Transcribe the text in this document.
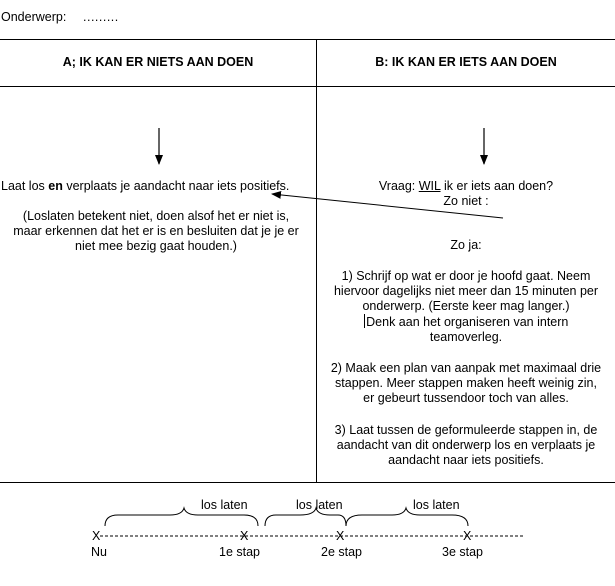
Onderwerp: .........
A; IK KAN ER NIETS AAN DOEN	B: IK KAN ER IETS AAN DOEN
Laat los en verplaats je aandacht naar iets positiefs.
(Loslaten betekent niet, doen alsof het er niet is,
maar erkennen dat het er is en besluiten dat je je er
niet mee bezig gaat houden.)
Vraag: WIL ik er iets aan doen?
Zo niet :
Zo ja:
1) Schrijf op wat er door je hoofd gaat. Neem
hiervoor dagelijks niet meer dan 15 minuten per
onderwerp. (Eerste keer mag langer.)
Denk aan het organiseren van intern
teamoverleg.
2) Maak een plan van aanpak met maximaal drie
stappen. Meer stappen maken heeft weinig zin,
er gebeurt tussendoor toch van alles.
3) Laat tussen de geformuleerde stappen in, de
aandacht van dit onderwerp los en verplaats je
aandacht naar iets positiefs.
los laten	los laten	los laten
X	X	X	X
Nu	1e stap	2e stap	3e stap
